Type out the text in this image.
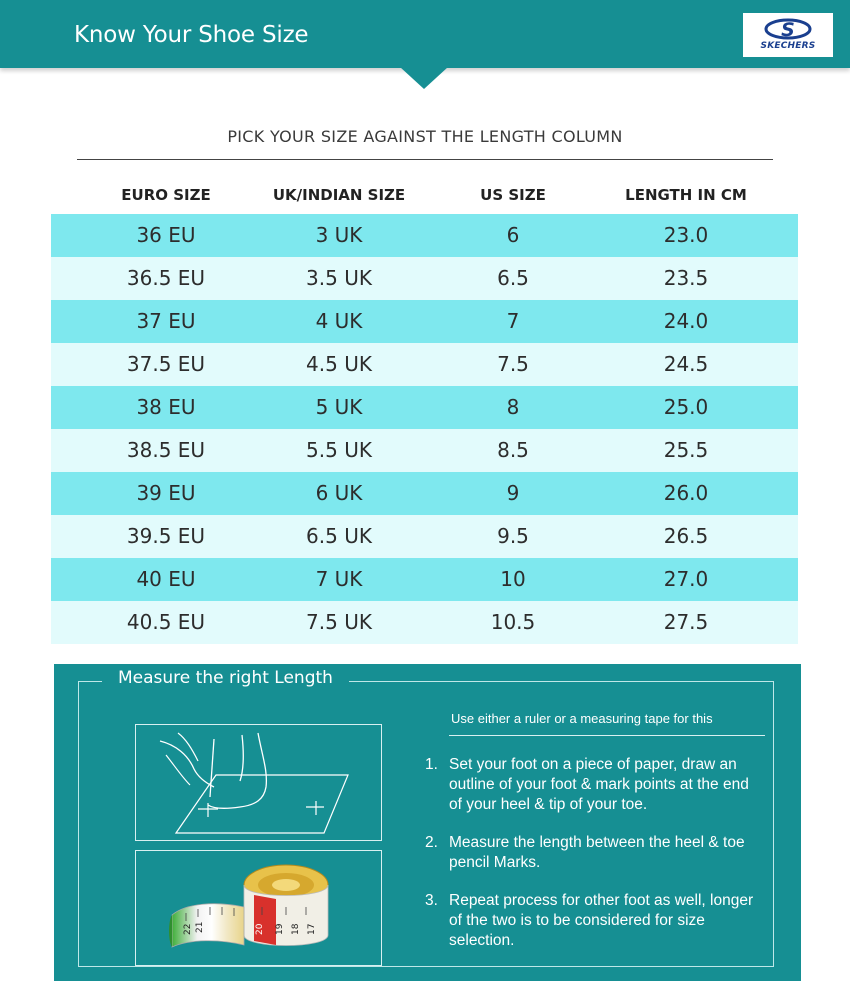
Know Your Shoe Size	S
SKECHERS
PICK YOUR SIZE AGAINST THE LENGTH COLUMN
EURO SIZE	UK/INDIAN SIZE	US SIZE	LENGTH IN CM
36 EU	3 UK	6	23.0
36.5 EU	3.5 UK	6.5	23.5
37 EU	4 UK	7	24.0
37.5 EU	4.5 UK	7.5	24.5
38 EU	5 UK	8	25.0
38.5 EU	5.5 UK	8.5	25.5
39 EU	6 UK	9	26.0
39.5 EU	6.5 UK	9.5	26.5
40 EU	7 UK	10	27.0
40.5 EU	7.5 UK	10.5	27.5
21
22	20 19 18 17
Use either a ruler or a measuring tape for this
1. Set your foot on a piece of paper, draw an outline of your foot & mark points at the end of your heel & tip of your toe.
2. Measure the length between the heel & toe pencil Marks.
3. Repeat process for other foot as well, longer of the two is to be considered for size selection.
Measure the right Length
